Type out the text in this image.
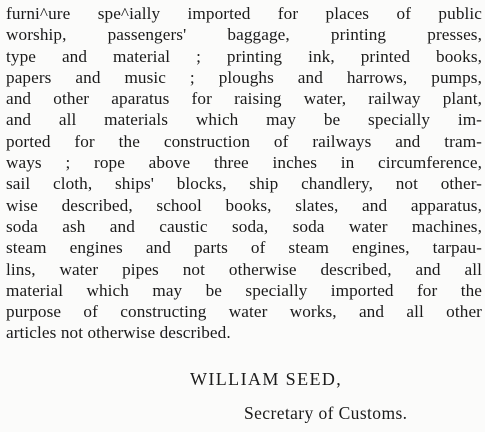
furni^ure spe^ially imported for places of public
worship, passengers' baggage, printing presses,
type and material ; printing ink, printed books,
papers and music ; ploughs and harrows, pumps,
and other aparatus for raising water, railway plant,
and all materials which may be specially im-
ported for the construction of railways and tram-
ways ; rope above three inches in circumference,
sail cloth, ships' blocks, ship chandlery, not other-
wise described, school books, slates, and apparatus,
soda ash and caustic soda, soda water machines,
steam engines and parts of steam engines, tarpau-
lins, water pipes not otherwise described, and all
material which may be specially imported for the
purpose of constructing water works, and all other
articles not otherwise described.
WILLIAM SEED,
Secretary of Customs.
